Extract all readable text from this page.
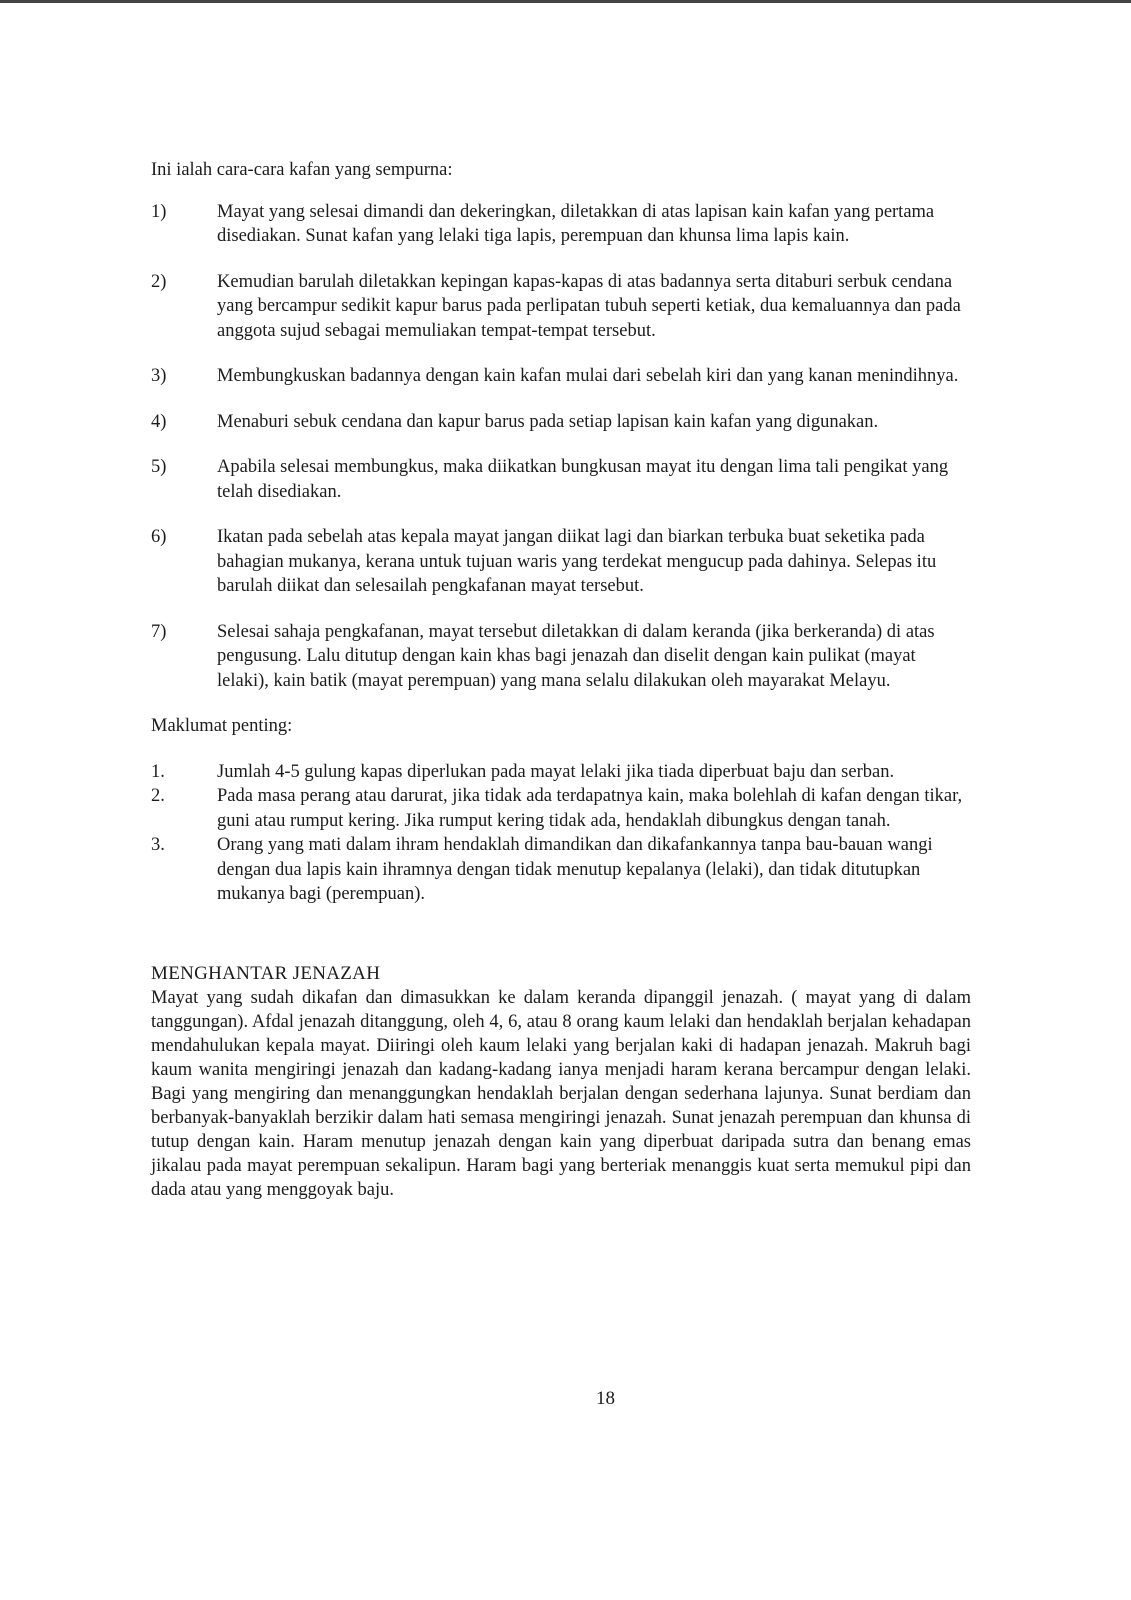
Ini ialah cara-cara kafan yang sempurna:

1)	Mayat yang selesai dimandi dan dekeringkan, diletakkan di atas lapisan kain kafan yang pertama disediakan. Sunat kafan yang lelaki tiga lapis, perempuan dan khunsa lima lapis kain.
2)	Kemudian barulah diletakkan kepingan kapas-kapas di atas badannya serta ditaburi serbuk cendana yang bercampur sedikit kapur barus pada perlipatan tubuh seperti ketiak, dua kemaluannya dan pada anggota sujud sebagai memuliakan tempat-tempat tersebut.
3)	Membungkuskan badannya dengan kain kafan mulai dari sebelah kiri dan yang kanan menindihnya.
4)	Menaburi sebuk cendana dan kapur barus pada setiap lapisan kain kafan yang digunakan.
5)	Apabila selesai membungkus, maka diikatkan bungkusan mayat itu dengan lima tali pengikat yang telah disediakan.
6)	Ikatan pada sebelah atas kepala mayat jangan diikat lagi dan biarkan terbuka buat seketika pada bahagian mukanya, kerana untuk tujuan waris yang terdekat mengucup pada dahinya. Selepas itu barulah diikat dan selesailah pengkafanan mayat tersebut.
7)	Selesai sahaja pengkafanan, mayat tersebut diletakkan di dalam keranda (jika berkeranda) di atas pengusung. Lalu ditutup dengan kain khas bagi jenazah dan diselit dengan kain pulikat (mayat lelaki), kain batik (mayat perempuan) yang mana selalu dilakukan oleh mayarakat Melayu.

Maklumat penting:

1.	Jumlah 4-5 gulung kapas diperlukan pada mayat lelaki jika tiada diperbuat baju dan serban.
2.	Pada masa perang atau darurat, jika tidak ada terdapatnya kain, maka bolehlah di kafan dengan tikar, guni atau rumput kering. Jika rumput kering tidak ada, hendaklah dibungkus dengan tanah.
3.	Orang yang mati dalam ihram hendaklah dimandikan dan dikafankannya tanpa bau-bauan wangi dengan dua lapis kain ihramnya dengan tidak menutup kepalanya (lelaki), dan tidak ditutupkan mukanya bagi (perempuan).
MENGHANTAR JENAZAH

Mayat yang sudah dikafan dan dimasukkan ke dalam keranda dipanggil jenazah. ( mayat yang di dalam tanggungan). Afdal jenazah ditanggung, oleh 4, 6, atau 8 orang kaum lelaki dan hendaklah berjalan kehadapan mendahulukan kepala mayat. Diiringi oleh kaum lelaki yang berjalan kaki di hadapan jenazah. Makruh bagi kaum wanita mengiringi jenazah dan kadang-kadang ianya menjadi haram kerana bercampur dengan lelaki. Bagi yang mengiring dan menanggungkan hendaklah berjalan dengan sederhana lajunya. Sunat berdiam dan berbanyak-banyaklah berzikir dalam hati semasa mengiringi jenazah. Sunat jenazah perempuan dan khunsa di tutup dengan kain. Haram menutup jenazah dengan kain yang diperbuat daripada sutra dan benang emas jikalau pada mayat perempuan sekalipun. Haram bagi yang berteriak menanggis kuat serta memukul pipi dan dada atau yang menggoyak baju.

18
